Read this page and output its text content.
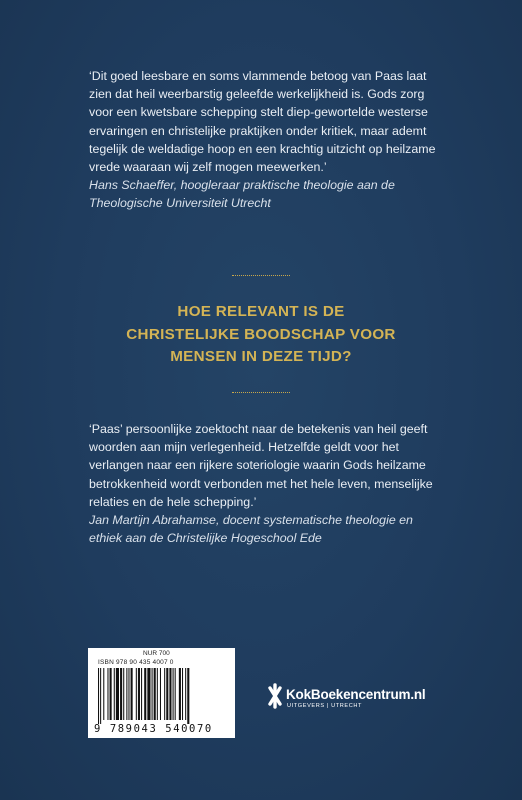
‘Dit goed leesbare en soms vlammende betoog van Paas laat zien dat heil weerbarstig geleefde werkelijkheid is. Gods zorg voor een kwetsbare schepping stelt diep-gewortelde westerse ervaringen en christelijke praktijken onder kritiek, maar ademt tegelijk de weldadige hoop en een krachtig uitzicht op heilzame vrede waaraan wij zelf mogen meewerken.’

Hans Schaeffer, hoogleraar praktische theologie aan de Theologische Universiteit Utrecht

HOE RELEVANT IS DE
CHRISTELIJKE BOODSCHAP VOOR
MENSEN IN DEZE TIJD?

‘Paas’ persoonlijke zoektocht naar de betekenis van heil geeft woorden aan mijn verlegenheid. Hetzelfde geldt voor het verlangen naar een rijkere soteriologie waarin Gods heilzame betrokkenheid wordt verbonden met het hele leven, menselijke relaties en de hele schepping.’

Jan Martijn Abrahamse, docent systematische theologie en ethiek aan de Christelijke Hogeschool Ede

NUR 700
ISBN 978 90 435 4007 0
9 789043 540070
KokBoekencentrum.nl
UITGEVERS | UTRECHT
